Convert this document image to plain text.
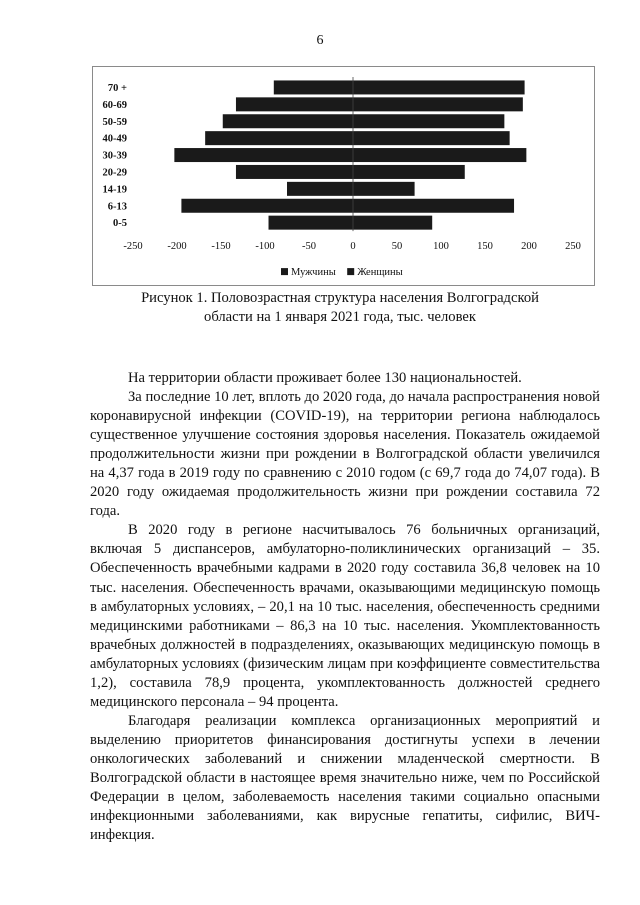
6
70 +
60-69
50-59
40-49
30-39
20-29
14-19
6-13
0-5
-250 -200 -150 -100	-50	0	50	100	150	200	250
Мужчины Женщины
Рисунок 1. Половозрастная структура населения Волгоградской
области на 1 января 2021 года, тыс. человек

На территории области проживает более 130 национальностей.

За последние 10 лет, вплоть до 2020 года, до начала распространения новой коронавирусной инфекции (COVID-19), на территории региона наблюдалось существенное улучшение состояния здоровья населения. Показатель ожидаемой продолжительности жизни при рождении в Волгоградской области увеличился на 4,37 года в 2019 году по сравнению с 2010 годом (с 69,7 года до 74,07 года). В 2020 году ожидаемая продолжительность жизни при рождении составила 72 года.

В 2020 году в регионе насчитывалось 76 больничных организаций, включая 5 диспансеров, амбулаторно-поликлинических организаций – 35. Обеспеченность врачебными кадрами в 2020 году составила 36,8 человек на 10 тыс. населения. Обеспеченность врачами, оказывающими медицинскую помощь в амбулаторных условиях, – 20,1 на 10 тыс. населения, обеспеченность средними медицинскими работниками – 86,3 на 10 тыс. населения. Укомплектованность врачебных должностей в подразделениях, оказывающих медицинскую помощь в амбулаторных условиях (физическим лицам при коэффициенте совместительства 1,2), составила 78,9 процента, укомплектованность должностей среднего медицинского персонала – 94 процента.

Благодаря реализации комплекса организационных мероприятий и выделению приоритетов финансирования достигнуты успехи в лечении онкологических заболеваний и снижении младенческой смертности. В Волгоградской области в настоящее время значительно ниже, чем по Российской Федерации в целом, заболеваемость населения такими социально опасными инфекционными заболеваниями, как вирусные гепатиты, сифилис, ВИЧ-инфекция.
